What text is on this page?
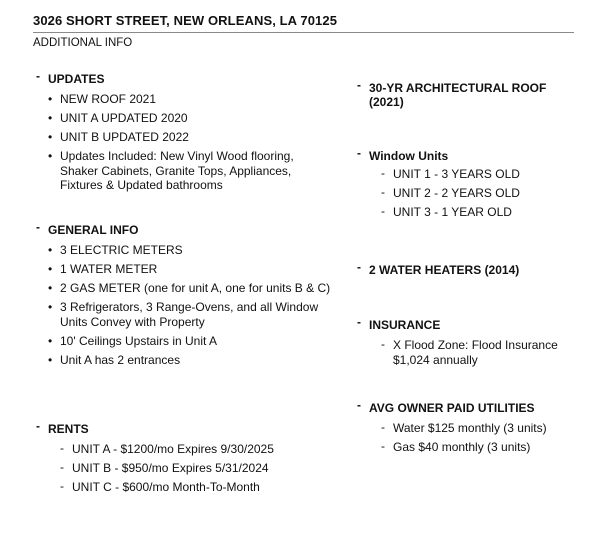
3026 SHORT STREET, NEW ORLEANS, LA 70125
ADDITIONAL INFO
- UPDATES
• NEW ROOF 2021
• UNIT A UPDATED 2020
• UNIT B UPDATED 2022
• Updates Included: New Vinyl Wood flooring, Shaker Cabinets, Granite Tops, Appliances, Fixtures & Updated bathrooms
- GENERAL INFO
• 3 ELECTRIC METERS
• 1 WATER METER
• 2 GAS METER (one for unit A, one for units B & C)
• 3 Refrigerators, 3 Range-Ovens, and all Window Units Convey with Property
• 10' Ceilings Upstairs in Unit A
• Unit A has 2 entrances
- RENTS
- UNIT A - $1200/mo Expires 9/30/2025
- UNIT B - $950/mo Expires 5/31/2024
- UNIT C - $600/mo Month-To-Month
- 30-YR ARCHITECTURAL ROOF (2021)
- Window Units
- UNIT 1 - 3 YEARS OLD
- UNIT 2 - 2 YEARS OLD
- UNIT 3 - 1 YEAR OLD
- 2 WATER HEATERS (2014)
- INSURANCE
- X Flood Zone: Flood Insurance $1,024 annually
- AVG OWNER PAID UTILITIES
- Water $125 monthly (3 units)
- Gas $40 monthly (3 units)
